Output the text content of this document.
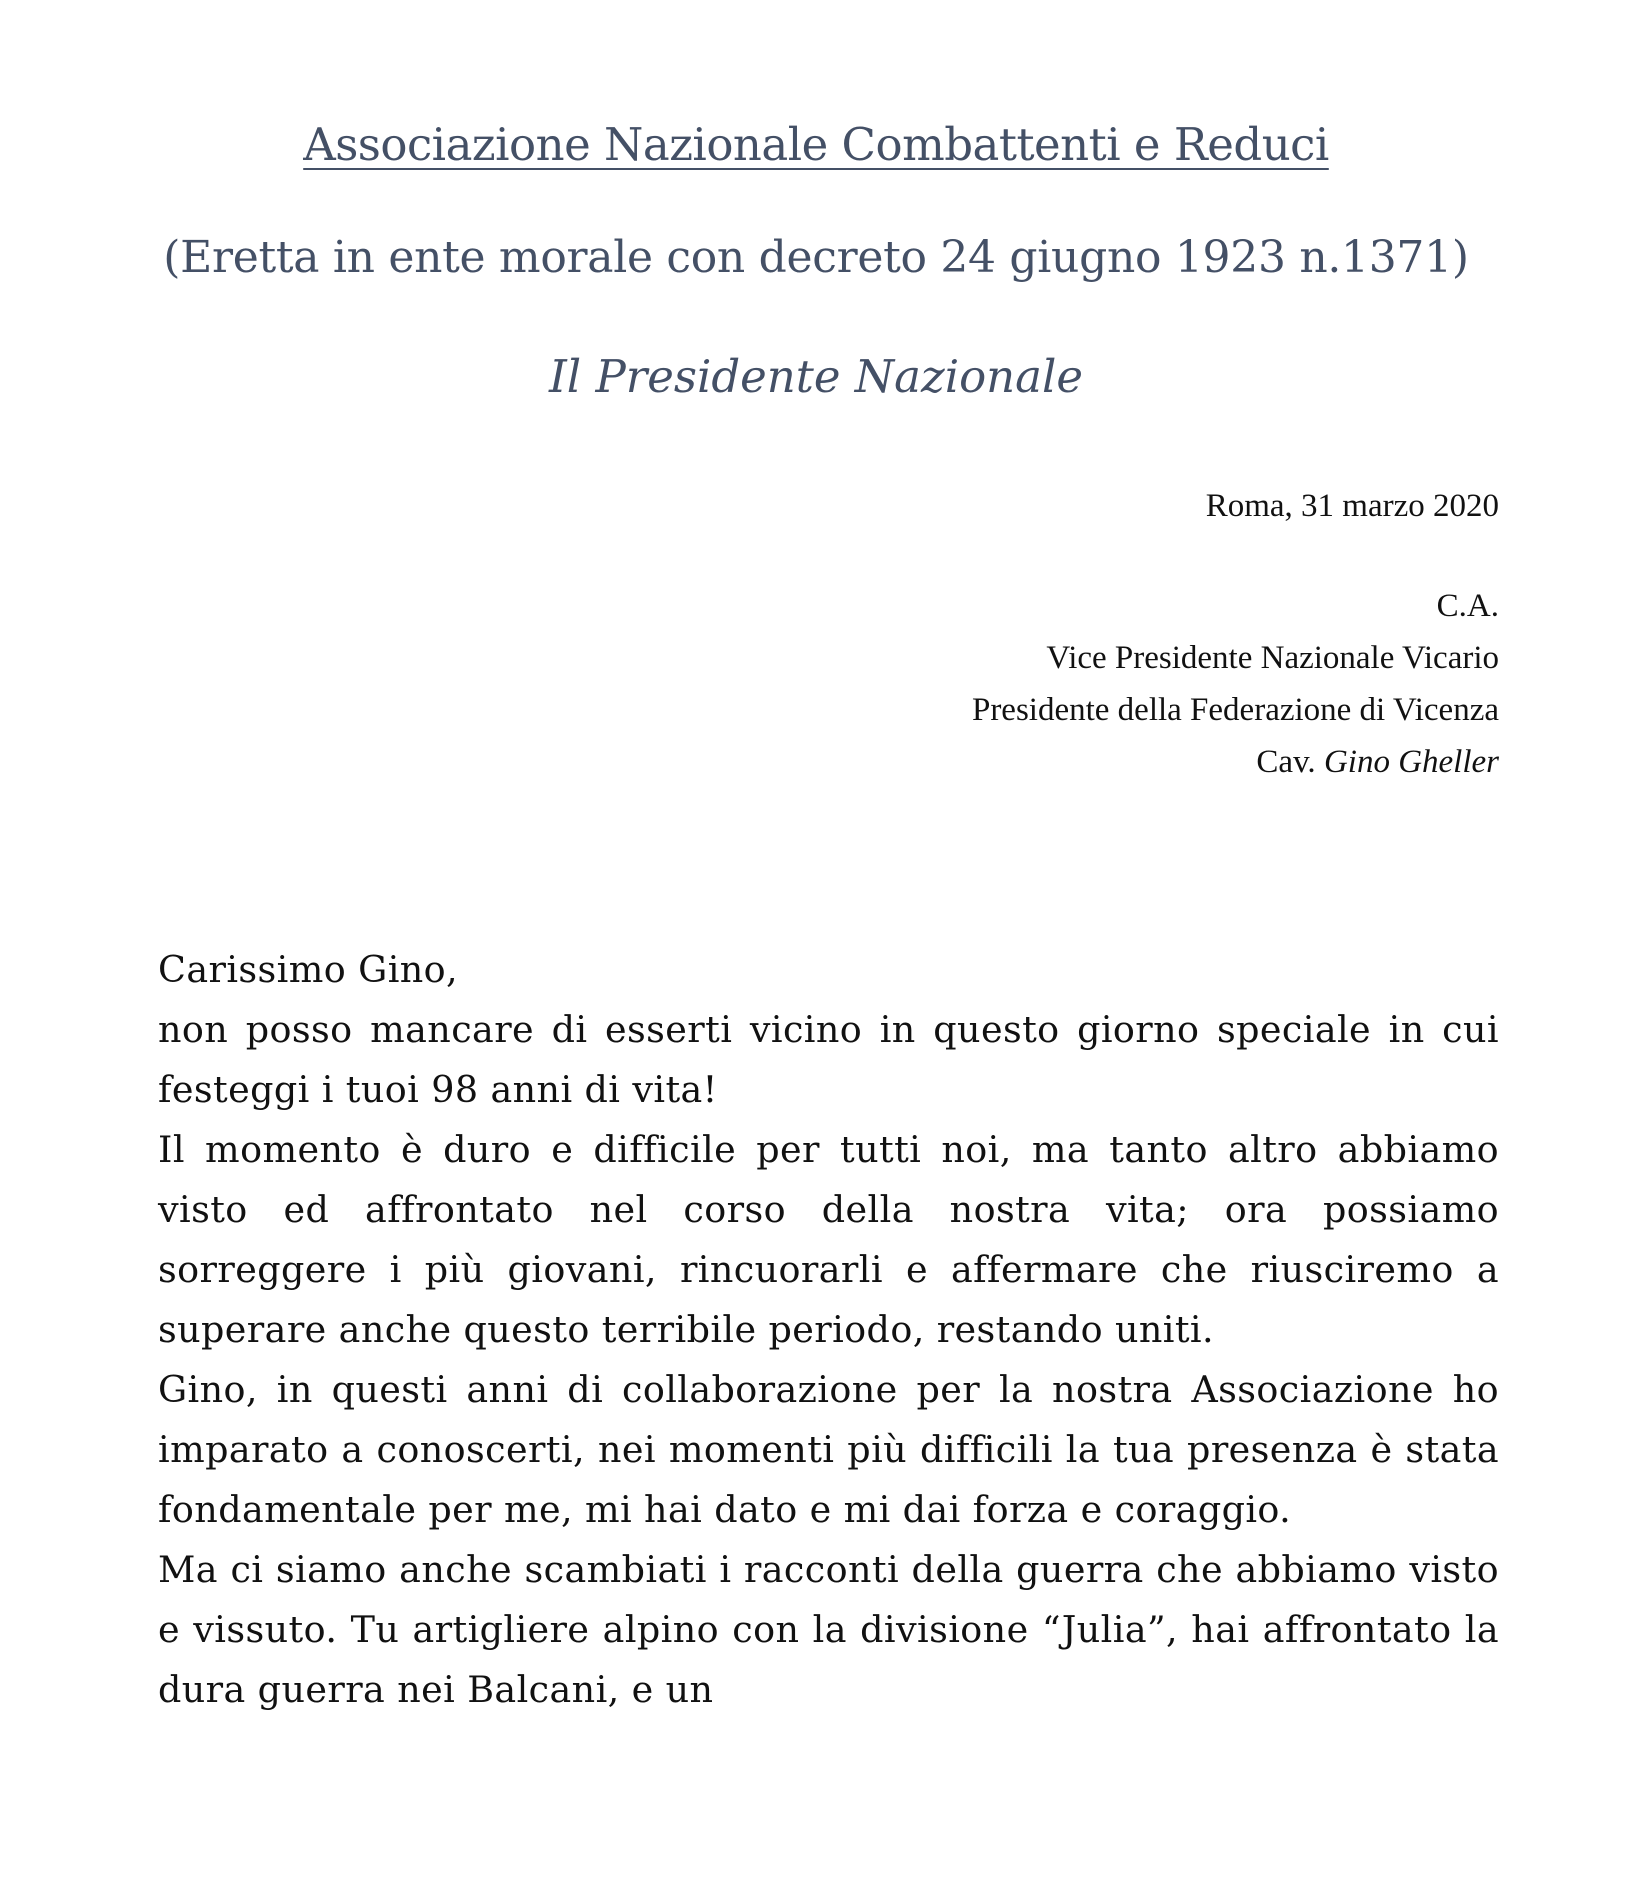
Associazione Nazionale Combattenti e Reduci
(Eretta in ente morale con decreto 24 giugno 1923 n.1371)
Il Presidente Nazionale
Roma, 31 marzo 2020
C.A.
Vice Presidente Nazionale Vicario
Presidente della Federazione di Vicenza
Cav. Gino Gheller

Carissimo Gino,

non posso mancare di esserti vicino in questo giorno speciale in cui festeggi i tuoi 98 anni di vita!

Il momento è duro e difficile per tutti noi, ma tanto altro abbiamo visto ed affrontato nel corso della nostra vita; ora possiamo sorreggere i più giovani, rincuorarli e affermare che riusciremo a superare anche questo terribile periodo, restando uniti.

Gino, in questi anni di collaborazione per la nostra Associazione ho imparato a conoscerti, nei momenti più difficili la tua presenza è stata fondamentale per me, mi hai dato e mi dai forza e coraggio.

Ma ci siamo anche scambiati i racconti della guerra che abbiamo visto e vissuto. Tu artigliere alpino con la divisione “Julia”, hai affrontato la dura guerra nei Balcani, e un
